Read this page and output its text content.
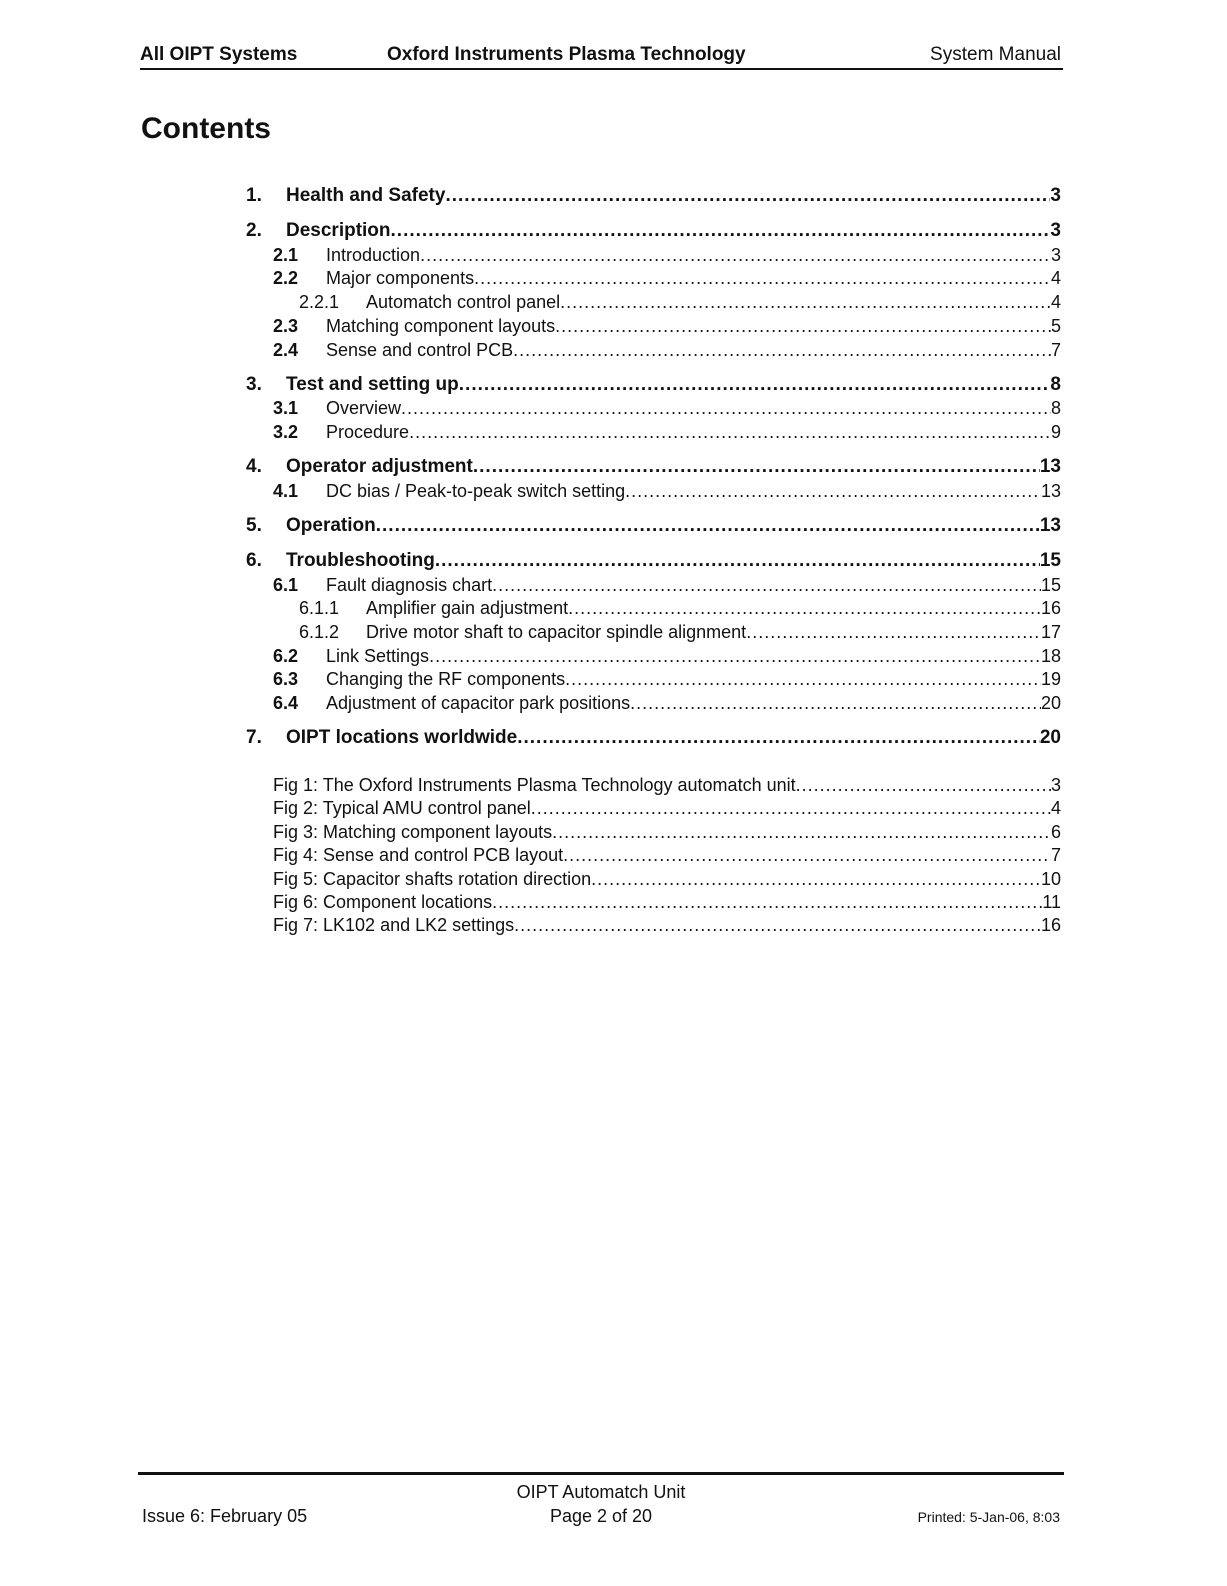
All OIPT Systems	Oxford Instruments Plasma Technology	System Manual
Contents
1. Health and Safety .....	3
2. Description .....	3
2.1 Introduction .....	3
2.2 Major components .....	4
2.2.1 Automatch control panel .....	4
2.3 Matching component layouts .....	5
2.4 Sense and control PCB .....	7
3. Test and setting up .....	8
3.1 Overview .....	8
3.2 Procedure .....	9
4. Operator adjustment .....	13
4.1 DC bias / Peak-to-peak switch setting .....	13
5. Operation .....	13
6. Troubleshooting .....	15
6.1 Fault diagnosis chart .....	15
6.1.1 Amplifier gain adjustment .....	16
6.1.2 Drive motor shaft to capacitor spindle alignment .....	17
6.2 Link Settings .....	18
6.3 Changing the RF components .....	19
6.4 Adjustment of capacitor park positions .....	20
7. OIPT locations worldwide .....	20
Fig 1: The Oxford Instruments Plasma Technology automatch unit .....	3
Fig 2: Typical AMU control panel .....	4
Fig 3: Matching component layouts .....	6
Fig 4: Sense and control PCB layout .....	7
Fig 5: Capacitor shafts rotation direction .....	10
Fig 6: Component locations .....	11
Fig 7: LK102 and LK2 settings .....	16
Issue 6: February 05
OIPT Automatch Unit
Page 2 of 20	Printed: 5-Jan-06, 8:03
